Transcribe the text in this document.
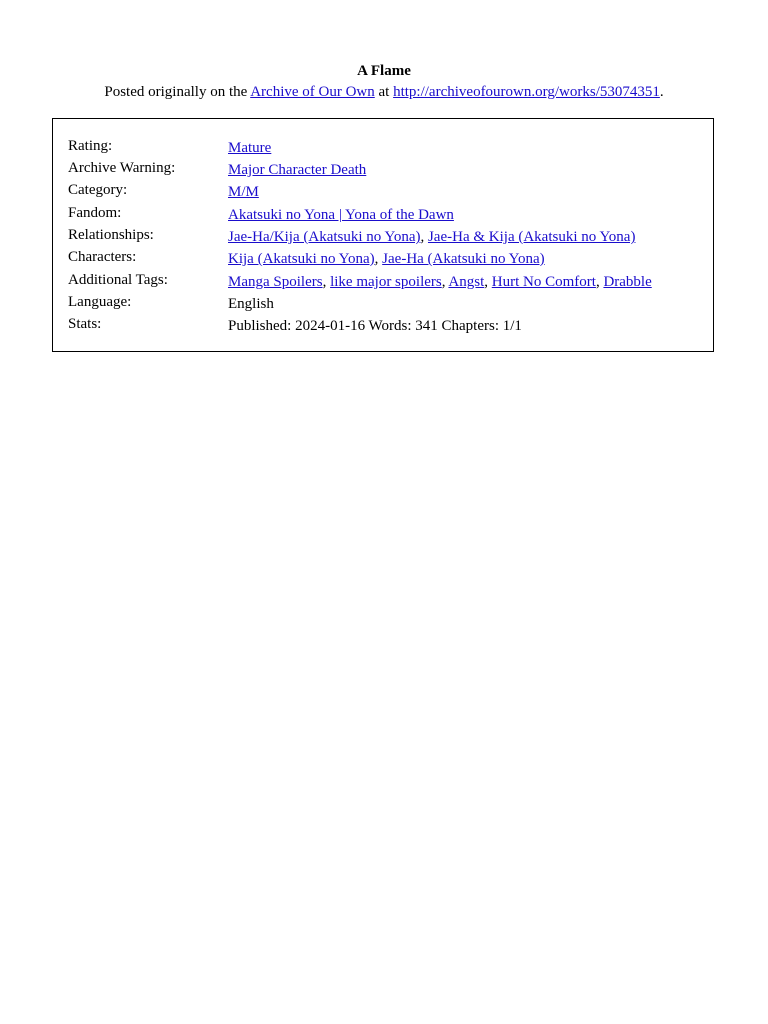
A Flame
Posted originally on the Archive of Our Own at http://archiveofourown.org/works/53074351.
Rating:	Mature
Archive Warning:	Major Character Death
Category:	M/M
Fandom:	Akatsuki no Yona | Yona of the Dawn
Relationships:	Jae-Ha/Kija (Akatsuki no Yona), Jae-Ha & Kija (Akatsuki no Yona)
Characters:	Kija (Akatsuki no Yona), Jae-Ha (Akatsuki no Yona)
Additional Tags:	Manga Spoilers, like major spoilers, Angst, Hurt No Comfort, Drabble
Language:	English
Stats:	Published: 2024-01-16 Words: 341 Chapters: 1/1
